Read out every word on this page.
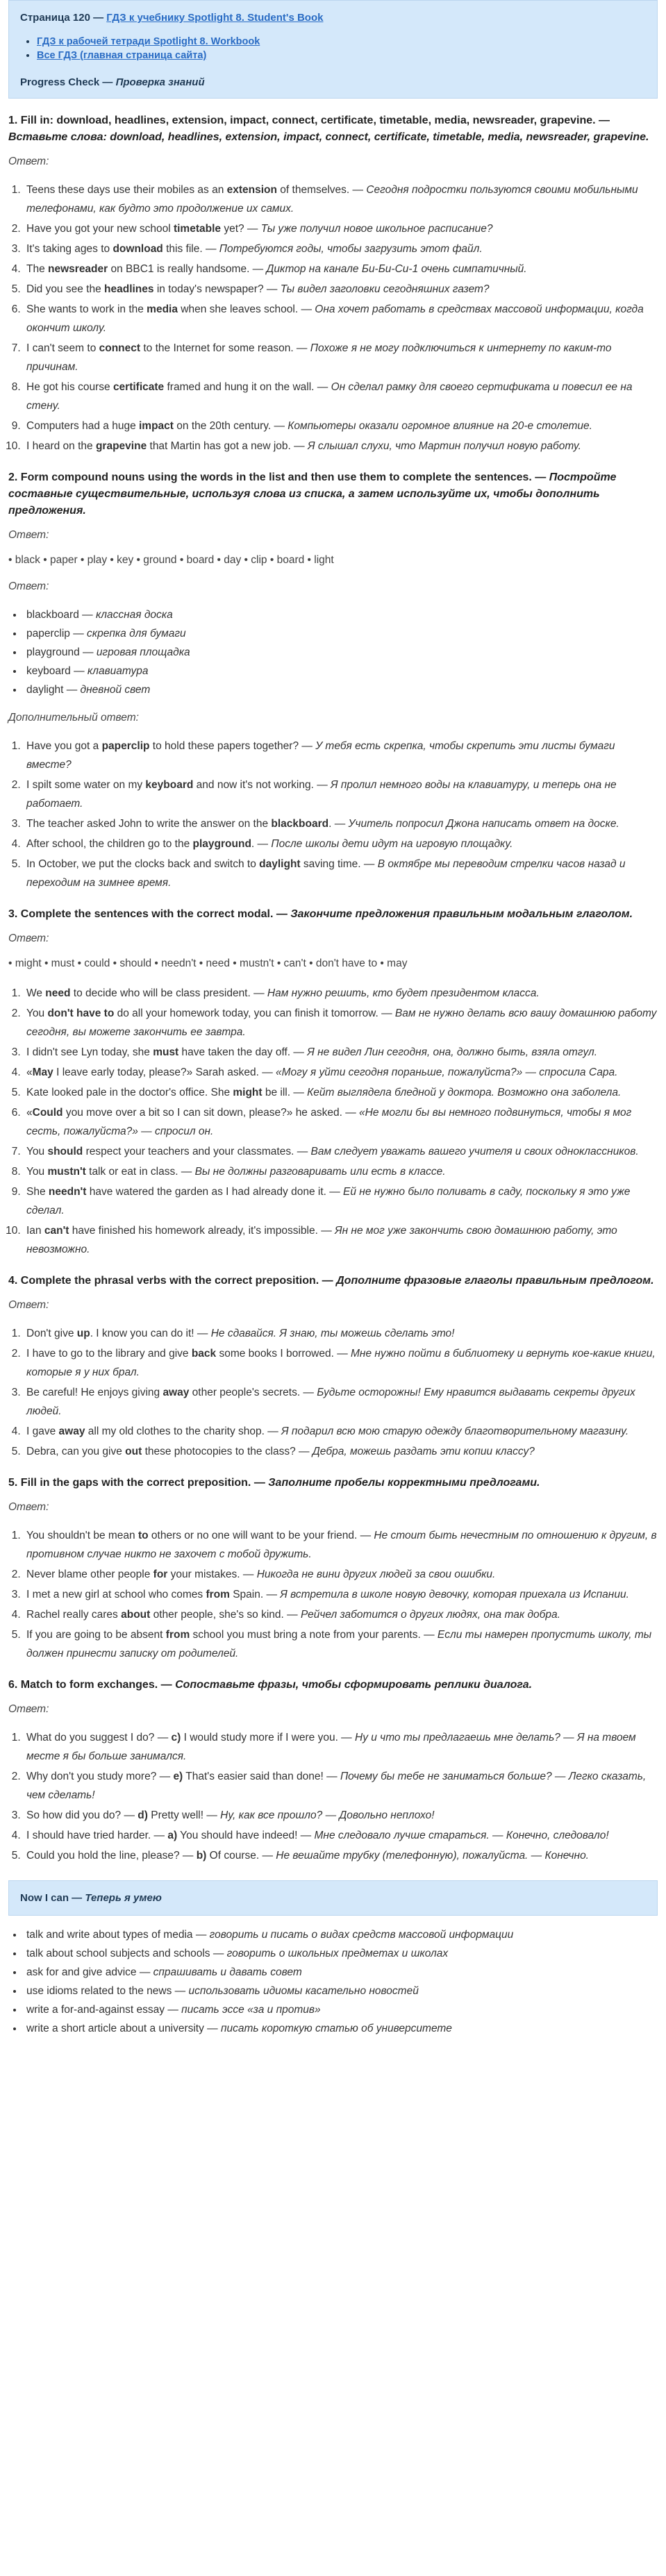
Страница 120 — ГДЗ к учебнику Spotlight 8. Student's Book

• ГДЗ к рабочей тетради Spotlight 8. Workbook
• Все ГДЗ (главная страница сайта)
Progress Check — Проверка знаний

1. Fill in: download, headlines, extension, impact, connect, certificate, timetable, media, newsreader, grapevine. — Вставьте слова: download, headlines, extension, impact, connect, certificate, timetable, media, newsreader, grapevine.

Ответ:

1. Teens these days use their mobiles as an extension of themselves. — Сегодня подростки пользуются своими мобильными телефонами, как будто это продолжение их самих.
2. Have you got your new school timetable yet? — Ты уже получил новое школьное расписание?
3. It's taking ages to download this file. — Потребуются годы, чтобы загрузить этот файл.
4. The newsreader on BBC1 is really handsome. — Диктор на канале Би-Би-Си-1 очень симпатичный.
5. Did you see the headlines in today's newspaper? — Ты видел заголовки сегодняшних газет?
6. She wants to work in the media when she leaves school. — Она хочет работать в средствах массовой информации, когда окончит школу.
7. I can't seem to connect to the Internet for some reason. — Похоже я не могу подключиться к интернету по каким-то причинам.
8. He got his course certificate framed and hung it on the wall. — Он сделал рамку для своего сертификата и повесил ее на стену.
9. Computers had a huge impact on the 20th century. — Компьютеры оказали огромное влияние на 20-е столетие.
10. I heard on the grapevine that Martin has got a new job. — Я слышал слухи, что Мартин получил новую работу.

2. Form compound nouns using the words in the list and then use them to complete the sentences. — Постройте составные существительные, используя слова из списка, а затем используйте их, чтобы дополнить предложения.

Ответ:

• black • paper • play • key • ground • board • day • clip • board • light

Ответ:

• blackboard — классная доска
• paperclip — скрепка для бумаги
• playground — игровая площадка
• keyboard — клавиатура
• daylight — дневной свет

Дополнительный ответ:

1. Have you got a paperclip to hold these papers together? — У тебя есть скрепка, чтобы скрепить эти листы бумаги вместе?
2. I spilt some water on my keyboard and now it's not working. — Я пролил немного воды на клавиатуру, и теперь она не работает.
3. The teacher asked John to write the answer on the blackboard. — Учитель попросил Джона написать ответ на доске.
4. After school, the children go to the playground. — После школы дети идут на игровую площадку.
5. In October, we put the clocks back and switch to daylight saving time. — В октябре мы переводим стрелки часов назад и переходим на зимнее время.

3. Complete the sentences with the correct modal. — Закончите предложения правильным модальным глаголом.

Ответ:

• might • must • could • should • needn't • need • mustn't • can't • don't have to • may

1. We need to decide who will be class president. — Нам нужно решить, кто будет президентом класса.
2. You don't have to do all your homework today, you can finish it tomorrow. — Вам не нужно делать всю вашу домашнюю работу сегодня, вы можете закончить ее завтра.
3. I didn't see Lyn today, she must have taken the day off. — Я не видел Лин сегодня, она, должно быть, взяла отгул.
4. «May I leave early today, please?» Sarah asked. — «Могу я уйти сегодня пораньше, пожалуйста?» — спросила Сара.
5. Kate looked pale in the doctor's office. She might be ill. — Кейт выглядела бледной у доктора. Возможно она заболела.
6. «Could you move over a bit so I can sit down, please?» he asked. — «Не могли бы вы немного подвинуться, чтобы я мог сесть, пожалуйста?» — спросил он.
7. You should respect your teachers and your classmates. — Вам следует уважать вашего учителя и своих одноклассников.
8. You mustn't talk or eat in class. — Вы не должны разговаривать или есть в классе.
9. She needn't have watered the garden as I had already done it. — Ей не нужно было поливать в саду, поскольку я это уже сделал.
10. Ian can't have finished his homework already, it's impossible. — Ян не мог уже закончить свою домашнюю работу, это невозможно.

4. Complete the phrasal verbs with the correct preposition. — Дополните фразовые глаголы правильным предлогом.

Ответ:

1. Don't give up. I know you can do it! — Не сдавайся. Я знаю, ты можешь сделать это!
2. I have to go to the library and give back some books I borrowed. — Мне нужно пойти в библиотеку и вернуть кое-какие книги, которые я у них брал.
3. Be careful! He enjoys giving away other people's secrets. — Будьте осторожны! Ему нравится выдавать секреты других людей.
4. I gave away all my old clothes to the charity shop. — Я подарил всю мою старую одежду благотворительному магазину.
5. Debra, can you give out these photocopies to the class? — Дебра, можешь раздать эти копии классу?

5. Fill in the gaps with the correct preposition. — Заполните пробелы корректными предлогами.

Ответ:

1. You shouldn't be mean to others or no one will want to be your friend. — Не стоит быть нечестным по отношению к другим, в противном случае никто не захочет с тобой дружить.
2. Never blame other people for your mistakes. — Никогда не вини других людей за свои ошибки.
3. I met a new girl at school who comes from Spain. — Я встретила в школе новую девочку, которая приехала из Испании.
4. Rachel really cares about other people, she's so kind. — Рейчел заботится о других людях, она так добра.
5. If you are going to be absent from school you must bring a note from your parents. — Если ты намерен пропустить школу, ты должен принести записку от родителей.

6. Match to form exchanges. — Сопоставьте фразы, чтобы сформировать реплики диалога.

Ответ:

1. What do you suggest I do? — c) I would study more if I were you. — Ну и что ты предлагаешь мне делать? — Я на твоем месте я бы больше занимался.
2. Why don't you study more? — e) That's easier said than done! — Почему бы тебе не заниматься больше? — Легко сказать, чем сделать!
3. So how did you do? — d) Pretty well! — Ну, как все прошло? — Довольно неплохо!
4. I should have tried harder. — a) You should have indeed! — Мне следовало лучше стараться. — Конечно, следовало!
5. Could you hold the line, please? — b) Of course. — Не вешайте трубку (телефонную), пожалуйста. — Конечно.
Now I can — Теперь я умею
• talk and write about types of media — говорить и писать о видах средств массовой информации
• talk about school subjects and schools — говорить о школьных предметах и школах
• ask for and give advice — спрашивать и давать совет
• use idioms related to the news — использовать идиомы касательно новостей
• write a for-and-against essay — писать эссе «за и против»
• write a short article about a university — писать короткую статью об университете
